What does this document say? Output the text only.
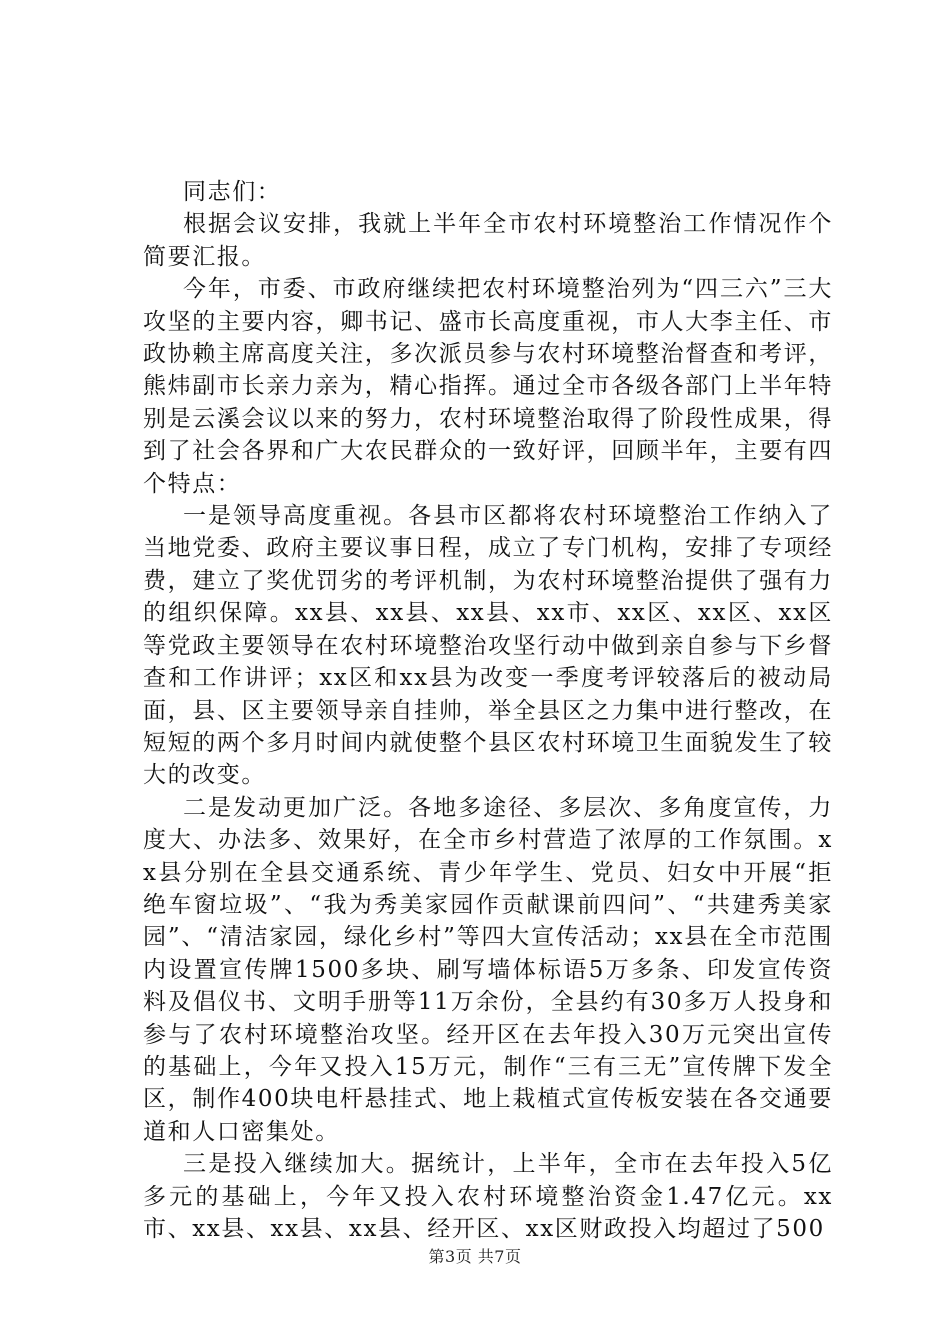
同志们：

根据会议安排，我就上半年全市农村环境整治工作情况作个简要汇报。

今年，市委、市政府继续把农村环境整治列为“四三六”三大攻坚的主要内容，卿书记、盛市长高度重视，市人大李主任、市政协赖主席高度关注，多次派员参与农村环境整治督查和考评，熊炜副市长亲力亲为，精心指挥。通过全市各级各部门上半年特别是云溪会议以来的努力，农村环境整治取得了阶段性成果，得到了社会各界和广大农民群众的一致好评，回顾半年，主要有四个特点：

一是领导高度重视。各县市区都将农村环境整治工作纳入了当地党委、政府主要议事日程，成立了专门机构，安排了专项经费，建立了奖优罚劣的考评机制，为农村环境整治提供了强有力的组织保障。xx县、xx县、xx县、xx市、xx区、xx区、xx区等党政主要领导在农村环境整治攻坚行动中做到亲自参与下乡督查和工作讲评；xx区和xx县为改变一季度考评较落后的被动局面，县、区主要领导亲自挂帅，举全县区之力集中进行整改，在短短的两个多月时间内就使整个县区农村环境卫生面貌发生了较大的改变。

二是发动更加广泛。各地多途径、多层次、多角度宣传，力度大、办法多、效果好，在全市乡村营造了浓厚的工作氛围。xx县分别在全县交通系统、青少年学生、党员、妇女中开展“拒绝车窗垃圾”、“我为秀美家园作贡献课前四问”、“共建秀美家园”、“清洁家园，绿化乡村”等四大宣传活动；xx县在全市范围内设置宣传牌1500多块、刷写墙体标语5万多条、印发宣传资料及倡仪书、文明手册等11万余份，全县约有30多万人投身和参与了农村环境整治攻坚。经开区在去年投入30万元突出宣传的基础上，今年又投入15万元，制作“三有三无”宣传牌下发全区，制作400块电杆悬挂式、地上栽植式宣传板安装在各交通要道和人口密集处。

三是投入继续加大。据统计，上半年，全市在去年投入5亿多元的基础上，今年又投入农村环境整治资金1.47亿元。xx市、xx县、xx县、xx县、经开区、xx区财政投入均超过了500

第3页 共7页
